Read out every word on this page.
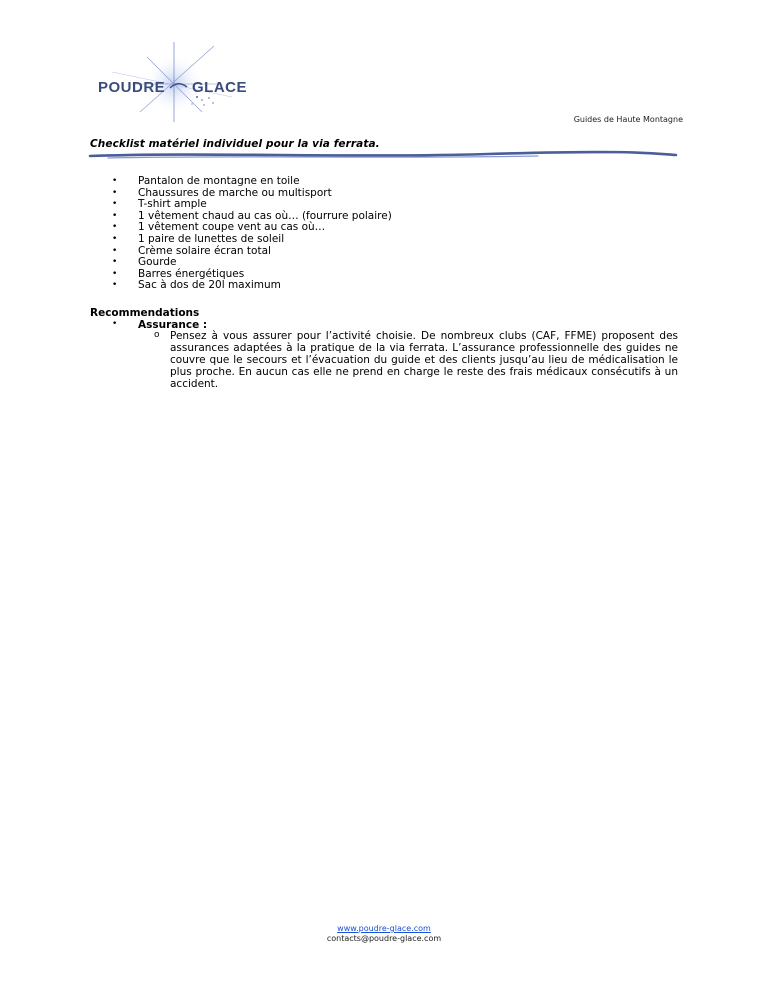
POUDRE GLACE
Guides de Haute Montagne
Checklist matériel individuel pour la via ferrata.
• Pantalon de montagne en toile
• Chaussures de marche ou multisport
• T-shirt ample
• 1 vêtement chaud au cas où… (fourrure polaire)
• 1 vêtement coupe vent au cas où…
• 1 paire de lunettes de soleil
• Crème solaire écran total
• Gourde
• Barres énergétiques
• Sac à dos de 20l maximum
Recommendations
• Assurance :
o Pensez à vous assurer pour l’activité choisie. De nombreux clubs (CAF, FFME) proposent des assurances adaptées à la pratique de la via ferrata. L’assurance professionnelle des guides ne couvre que le secours et l’évacuation du guide et des clients jusqu’au lieu de médicalisation le plus proche. En aucun cas elle ne prend en charge le reste des frais médicaux consécutifs à un accident.

www.poudre-glace.com
contacts@poudre-glace.com
